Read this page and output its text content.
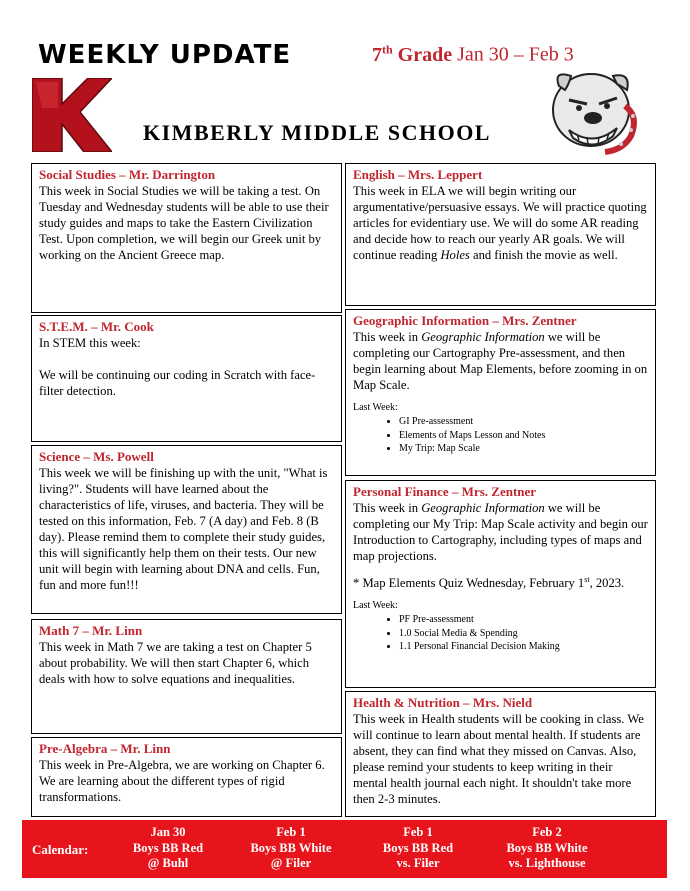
WEEKLY UPDATE	7th Grade Jan 30 – Feb 3
KIMBERLY MIDDLE SCHOOL
Social Studies – Mr. Darrington

This week in Social Studies we will be taking a test. On Tuesday and Wednesday students will be able to use their study guides and maps to take the Eastern Civilization Test. Upon completion, we will begin our Greek unit by working on the Ancient Greece map.

S.T.E.M. – Mr. Cook

In STEM this week:

We will be continuing our coding in Scratch with face-filter detection.

Science – Ms. Powell

This week we will be finishing up with the unit, "What is living?". Students will have learned about the characteristics of life, viruses, and bacteria. They will be tested on this information, Feb. 7 (A day) and Feb. 8 (B day). Please remind them to complete their study guides, this will significantly help them on their tests. Our new unit will begin with learning about DNA and cells. Fun, fun and more fun!!!

Math 7 – Mr. Linn

This week in Math 7 we are taking a test on Chapter 5 about probability. We will then start Chapter 6, which deals with how to solve equations and inequalities.

Pre-Algebra – Mr. Linn

This week in Pre-Algebra, we are working on Chapter 6. We are learning about the different types of rigid transformations.

English – Mrs. Leppert

This week in ELA we will begin writing our argumentative/persuasive essays. We will practice quoting articles for evidentiary use. We will do some AR reading and decide how to reach our yearly AR goals. We will continue reading Holes and finish the movie as well.

Geographic Information – Mrs. Zentner

This week in Geographic Information we will be completing our Cartography Pre-assessment, and then begin learning about Map Elements, before zooming in on Map Scale.

Last Week:
• GI Pre-assessment
• Elements of Maps Lesson and Notes
• My Trip: Map Scale
Personal Finance – Mrs. Zentner

This week in Geographic Information we will be completing our My Trip: Map Scale activity and begin our Introduction to Cartography, including types of maps and map projections.

* Map Elements Quiz Wednesday, February 1st, 2023.

Last Week:
• PF Pre-assessment
• 1.0 Social Media & Spending
• 1.1 Personal Financial Decision Making
Health & Nutrition – Mrs. Nield

This week in Health students will be cooking in class. We will continue to learn about mental health. If students are absent, they can find what they missed on Canvas. Also, please remind your students to keep writing in their mental health journal each night. It shouldn't take more then 2-3 minutes.

Calendar:
Jan 30
Boys BB Red
@ Buhl
Feb 1
Boys BB White
@ Filer
Feb 1
Boys BB Red
vs. Filer
Feb 2
Boys BB White
vs. Lighthouse
